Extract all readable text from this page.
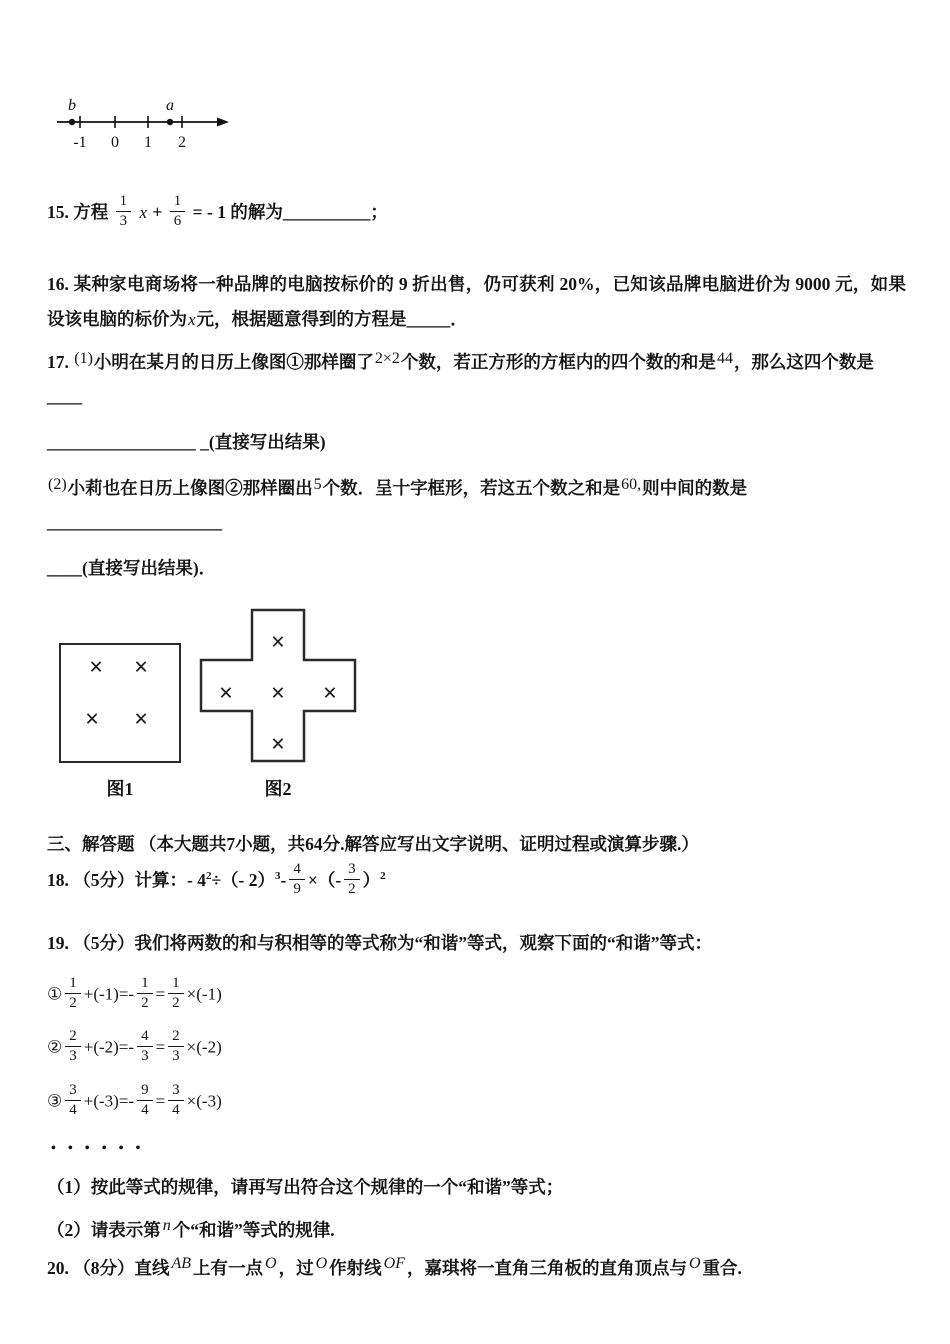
b	a
-1 0 1 2
15. 方程 $\frac{1}{3}$ $x + \frac{1}{6}$ = - 1 的解为__________；
16. 某种家电商场将一种品牌的电脑按标价的 9 折出售，仍可获利 20%，已知该品牌电脑进价为 9000 元，如果设该电脑的标价为x元，根据题意得到的方程是_____．
17. (1)小明在某月的日历上像图①那样圈了2×2个数，若正方形的方框内的四个数的和是44，那么这四个数是____
_________________ _(直接写出结果)
(2)小莉也在日历上像图②那样圈出5个数．呈十字框形，若这五个数之和是60,则中间的数是____________________
____(直接写出结果)．
× ×
× ×
图1
×
× × ×
×
图2
三、解答题 （本大题共7小题，共64分.解答应写出文字说明、证明过程或演算步骤.）
18. （5分）计算：- $4^2\div(-$ $2)^3- \frac{4}{9}$ ×（- $\frac{3}{2} )^2$
19. （5分）我们将两数的和与积相等的等式称为“和谐”等式，观察下面的“和谐”等式：
① $\frac{1}{2} +(-1)=- \frac{1}{2} = \frac{1}{2} \times(-1)$
② $\frac{2}{3} +(-2)=- \frac{4}{3} = \frac{2}{3} \times(-2)$
③ $\frac{3}{4} +(-3)=- \frac{9}{4} = \frac{3}{4} \times(-3)$
••••••
（1）按此等式的规律，请再写出符合这个规律的一个“和谐”等式；
（2）请表示第 n 个“和谐”等式的规律.
20. （8分）直线 AB 上有一点 O ，过 O 作射线 OF ，嘉琪将一直角三角板的直角顶点与 O 重合.
